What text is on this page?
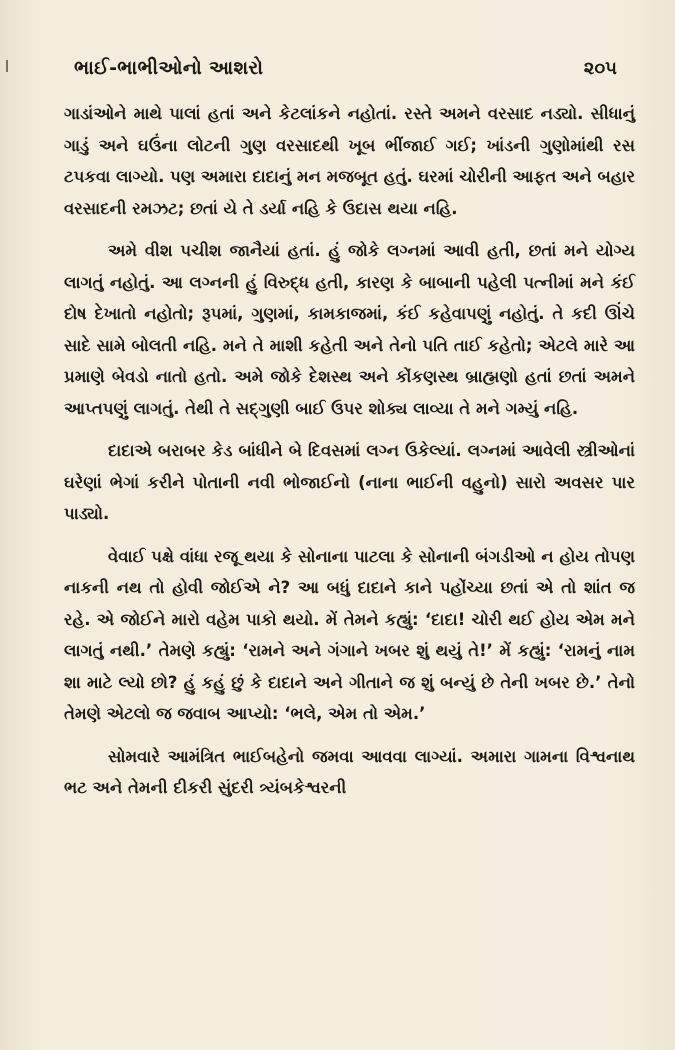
ભાઈ-ભાભીઓનો આશરો	૨૦૫

ગાડાંઓને માથે પાલાં હતાં અને કેટલાંકને નહોતાં. રસ્તે અમને વરસાદ નડ્યો. સીધાનું ગાડું અને ઘઉંના લોટની ગુણ વરસાદથી ખૂબ ભીંજાઈ ગઈ; ખાંડની ગુણોમાંથી રસ ટપકવા લાગ્યો. પણ અમારા દાદાનું મન મજબૂત હતું. ઘરમાં ચોરીની આફત અને બહાર વરસાદની રમઝટ; છતાં યે તે ડર્યા નહિ કે ઉદાસ થયા નહિ.

અમે વીશ પચીશ જાનૈયાં હતાં. હું જોકે લગ્નમાં આવી હતી, છતાં મને યોગ્ય લાગતું નહોતું. આ લગ્નની હું વિરુદ્ધ હતી, કારણ કે બાબાની પહેલી પત્નીમાં મને કંઈ દોષ દેખાતો નહોતો; રૂપમાં, ગુણમાં, કામકાજમાં, કંઈ કહેવાપણું નહોતું. તે કદી ઊંચે સાદે સામે બોલતી નહિ. મને તે માશી કહેતી અને તેનો પતિ તાઈ કહેતો; એટલે મારે આ પ્રમાણે બેવડો નાતો હતો. અમે જોકે દેશસ્થ અને કોંકણસ્થ બ્રાહ્મણો હતાં છતાં અમને આપ્તપણું લાગતું. તેથી તે સદ્‌ગુણી બાઈ ઉપર શોક્ય લાવ્યા તે મને ગમ્યું નહિ.

દાદાએ બરાબર કેડ બાંધીને બે દિવસમાં લગ્ન ઉકેલ્યાં. લગ્નમાં આવેલી સ્ત્રીઓનાં ઘરેણાં ભેગાં કરીને પોતાની નવી ભોજાઈનો (નાના ભાઈની વહુનો) સારો અવસર પાર પાડ્યો.

વેવાઈ પક્ષે વાંધા રજૂ થયા કે સોનાના પાટલા કે સોનાની બંગડીઓ ન હોય તોપણ નાકની નથ તો હોવી જોઈએ ને? આ બધું દાદાને કાને પહોંચ્યા છતાં એ તો શાંત જ રહે. એ જોઈને મારો વહેમ પાકો થયો. મેં તેમને કહ્યું: ‘દાદા! ચોરી થઈ હોય એમ મને લાગતું નથી.’ તેમણે કહ્યું: ‘રામને અને ગંગાને ખબર શું થયું તે!’ મેં કહ્યું: ‘રામનું નામ શા માટે લ્યો છો? હું કહું છું કે દાદાને અને ગીતાને જ શું બન્યું છે તેની ખબર છે.’ તેનો તેમણે એટલો જ જવાબ આપ્યો: ‘ભલે, એમ તો એમ.’

સોમવારે આમંત્રિત ભાઈબહેનો જમવા આવવા લાગ્યાં. અમારા ગામના વિશ્વનાથ ભટ અને તેમની દીકરી સુંદરી ત્ર્યંબકેશ્વરની
